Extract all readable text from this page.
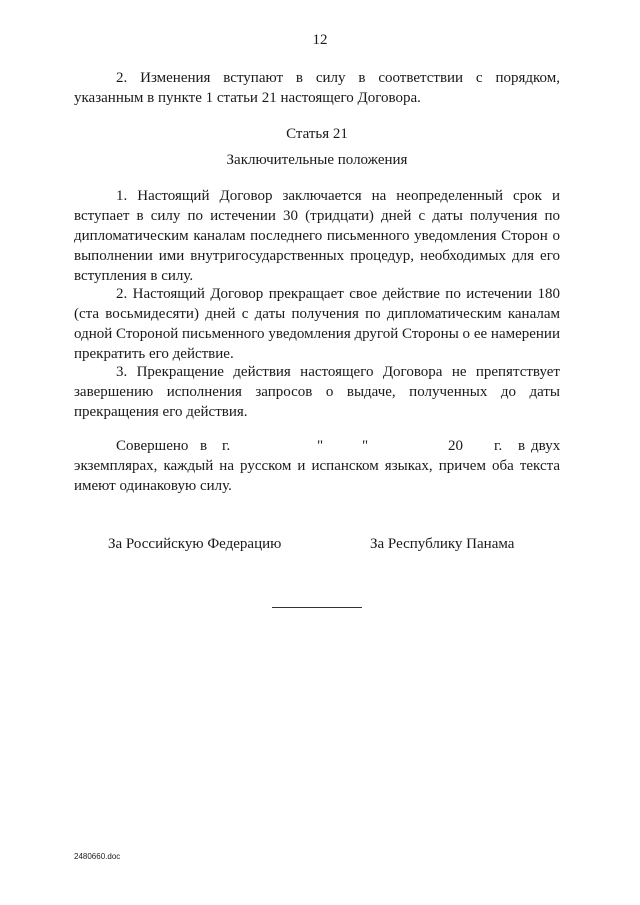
12

2. Изменения вступают в силу в соответствии с порядком, указанным в пункте 1 статьи 21 настоящего Договора.

Статья 21
Заключительные положения

1. Настоящий Договор заключается на неопределенный срок и вступает в силу по истечении 30 (тридцати) дней с даты получения по дипломатическим каналам последнего письменного уведомления Сторон о выполнении ими внутригосударственных процедур, необходимых для его вступления в силу.

2. Настоящий Договор прекращает свое действие по истечении 180 (ста восьмидесяти) дней с даты получения по дипломатическим каналам одной Стороной письменного уведомления другой Стороны о ее намерении прекратить его действие.

3. Прекращение действия настоящего Договора не препятствует завершению исполнения запросов о выдаче, полученных до даты прекращения его действия.

Совершено в г.	"	"	20 г. в двух
экземплярах, каждый на русском и испанском языках, причем оба текста имеют одинаковую силу.
За Российскую Федерацию	За Республику Панама
2480660.doc
